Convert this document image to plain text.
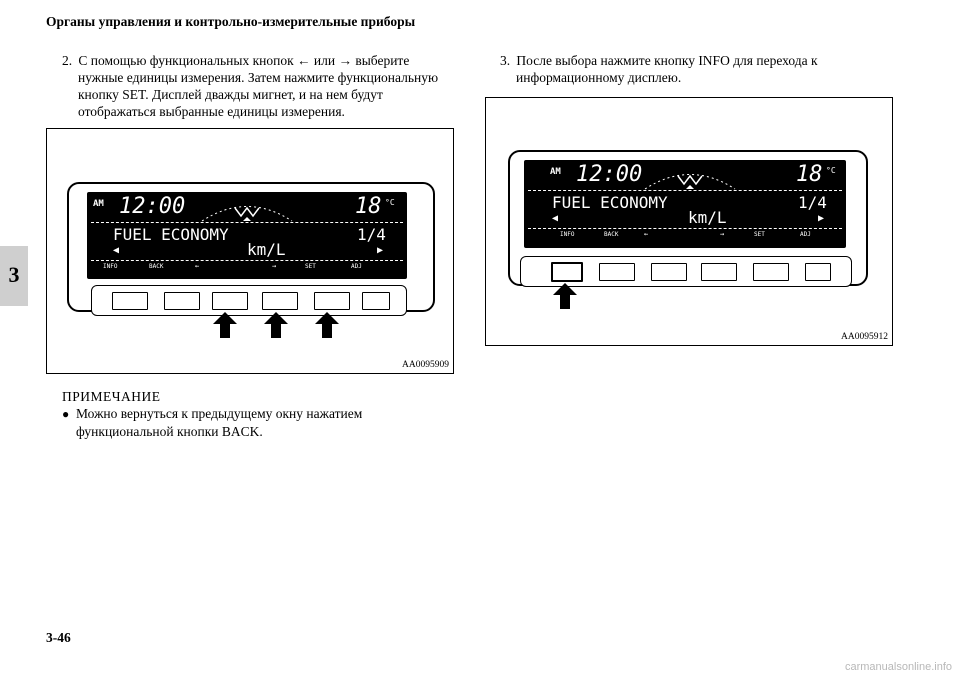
Органы управления и контрольно-измерительные приборы
3
2. С помощью функциональных кнопок ← или → выберите
нужные единицы измерения. Затем нажмите функциональную
кнопку SET. Дисплей дважды мигнет, и на нем будут
отображаться выбранные единицы измерения.
3. После выбора нажмите кнопку INFO для перехода к
информационному дисплею.
AM 12:00	18 °C
FUEL ECONOMY	1/4
◀	km/L	▶
INFO	BACK	←	→	SET	ADJ
AA0095909
ПРИМЕЧАНИЕ
● Можно вернуться к предыдущему окну нажатием
функциональной кнопки BACK.
AM 12:00	18 °C
FUEL ECONOMY	1/4
◀	km/L	▶
INFO	BACK	←	→	SET	ADJ
AA0095912
3-46
carmanualsonline.info
